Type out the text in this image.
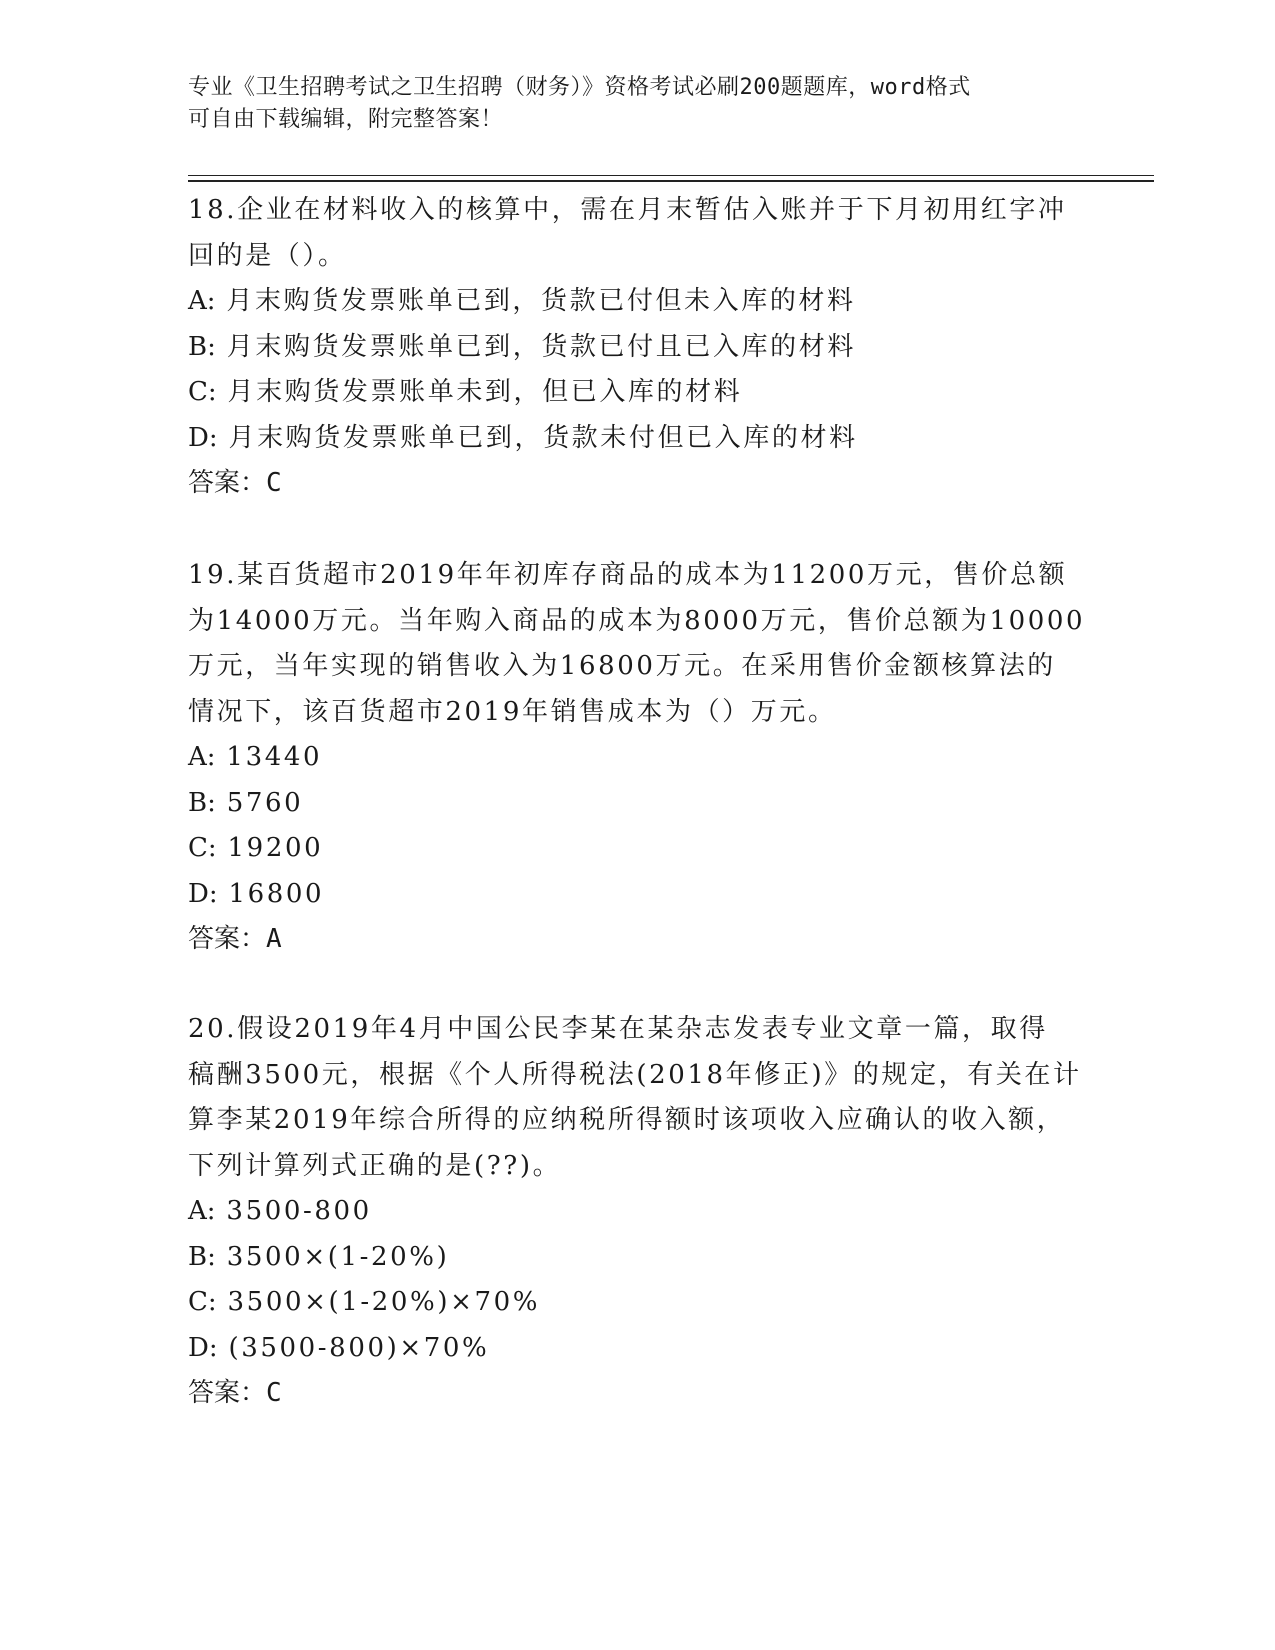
专业《卫生招聘考试之卫生招聘（财务）》资格考试必刷200题题库，word格式
可自由下载编辑，附完整答案！
18.企业在材料收入的核算中，需在月末暂估入账并于下月初用红字冲
回的是（）。
A: 月末购货发票账单已到，货款已付但未入库的材料
B: 月末购货发票账单已到，货款已付且已入库的材料
C: 月末购货发票账单未到，但已入库的材料
D: 月末购货发票账单已到，货款未付但已入库的材料
答案：C
19.某百货超市2019年年初库存商品的成本为11200万元，售价总额
为14000万元。当年购入商品的成本为8000万元，售价总额为10000
万元，当年实现的销售收入为16800万元。在采用售价金额核算法的
情况下，该百货超市2019年销售成本为（）万元。
A: 13440
B: 5760
C: 19200
D: 16800
答案：A
20.假设2019年4月中国公民李某在某杂志发表专业文章一篇，取得
稿酬3500元，根据《个人所得税法(2018年修正)》的规定，有关在计
算李某2019年综合所得的应纳税所得额时该项收入应确认的收入额，
下列计算列式正确的是(??)。
A: 3500-800
B: 3500×(1-20%)
C: 3500×(1-20%)×70%
D: (3500-800)×70%
答案：C
